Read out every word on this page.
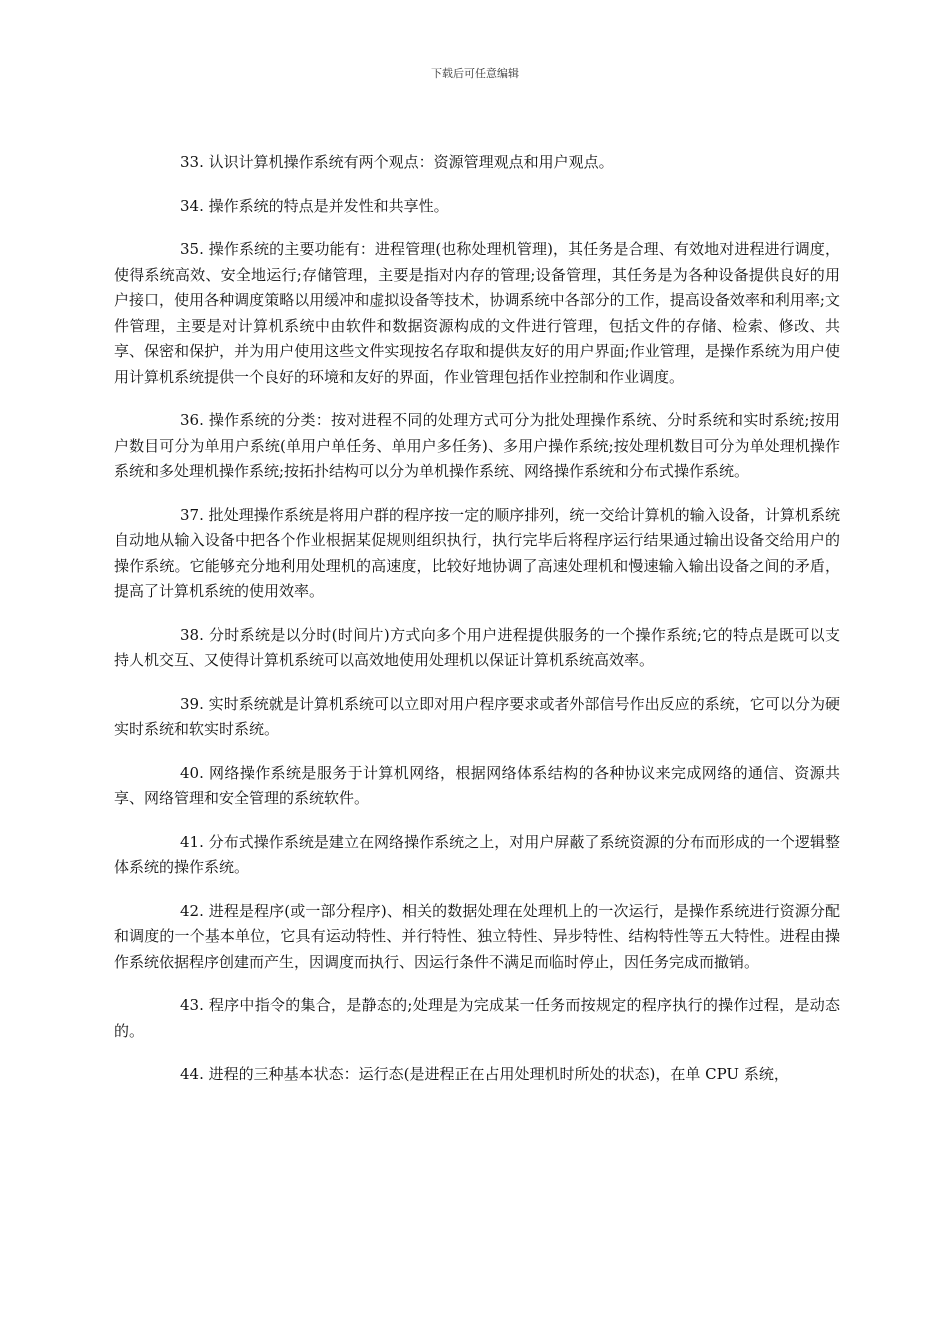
下载后可任意编辑

33. 认识计算机操作系统有两个观点：资源管理观点和用户观点。

34. 操作系统的特点是并发性和共享性。

35. 操作系统的主要功能有：进程管理(也称处理机管理)，其任务是合理、有效地对进程进行调度，使得系统高效、安全地运行;存储管理，主要是指对内存的管理;设备管理，其任务是为各种设备提供良好的用户接口，使用各种调度策略以用缓冲和虚拟设备等技术，协调系统中各部分的工作，提高设备效率和利用率;文件管理，主要是对计算机系统中由软件和数据资源构成的文件进行管理，包括文件的存储、检索、修改、共享、保密和保护，并为用户使用这些文件实现按名存取和提供友好的用户界面;作业管理，是操作系统为用户使用计算机系统提供一个良好的环境和友好的界面，作业管理包括作业控制和作业调度。

36. 操作系统的分类：按对进程不同的处理方式可分为批处理操作系统、分时系统和实时系统;按用户数目可分为单用户系统(单用户单任务、单用户多任务)、多用户操作系统;按处理机数目可分为单处理机操作系统和多处理机操作系统;按拓扑结构可以分为单机操作系统、网络操作系统和分布式操作系统。

37. 批处理操作系统是将用户群的程序按一定的顺序排列，统一交给计算机的输入设备，计算机系统自动地从输入设备中把各个作业根据某促规则组织执行，执行完毕后将程序运行结果通过输出设备交给用户的操作系统。它能够充分地利用处理机的高速度，比较好地协调了高速处理机和慢速输入输出设备之间的矛盾，提高了计算机系统的使用效率。

38. 分时系统是以分时(时间片)方式向多个用户进程提供服务的一个操作系统;它的特点是既可以支持人机交互、又使得计算机系统可以高效地使用处理机以保证计算机系统高效率。

39. 实时系统就是计算机系统可以立即对用户程序要求或者外部信号作出反应的系统，它可以分为硬实时系统和软实时系统。

40. 网络操作系统是服务于计算机网络，根据网络体系结构的各种协议来完成网络的通信、资源共享、网络管理和安全管理的系统软件。

41. 分布式操作系统是建立在网络操作系统之上，对用户屏蔽了系统资源的分布而形成的一个逻辑整体系统的操作系统。

42. 进程是程序(或一部分程序)、相关的数据处理在处理机上的一次运行，是操作系统进行资源分配和调度的一个基本单位，它具有运动特性、并行特性、独立特性、异步特性、结构特性等五大特性。进程由操作系统依据程序创建而产生，因调度而执行、因运行条件不满足而临时停止，因任务完成而撤销。

43. 程序中指令的集合，是静态的;处理是为完成某一任务而按规定的程序执行的操作过程，是动态的。

44. 进程的三种基本状态：运行态(是进程正在占用处理机时所处的状态)，在单 CPU 系统，
